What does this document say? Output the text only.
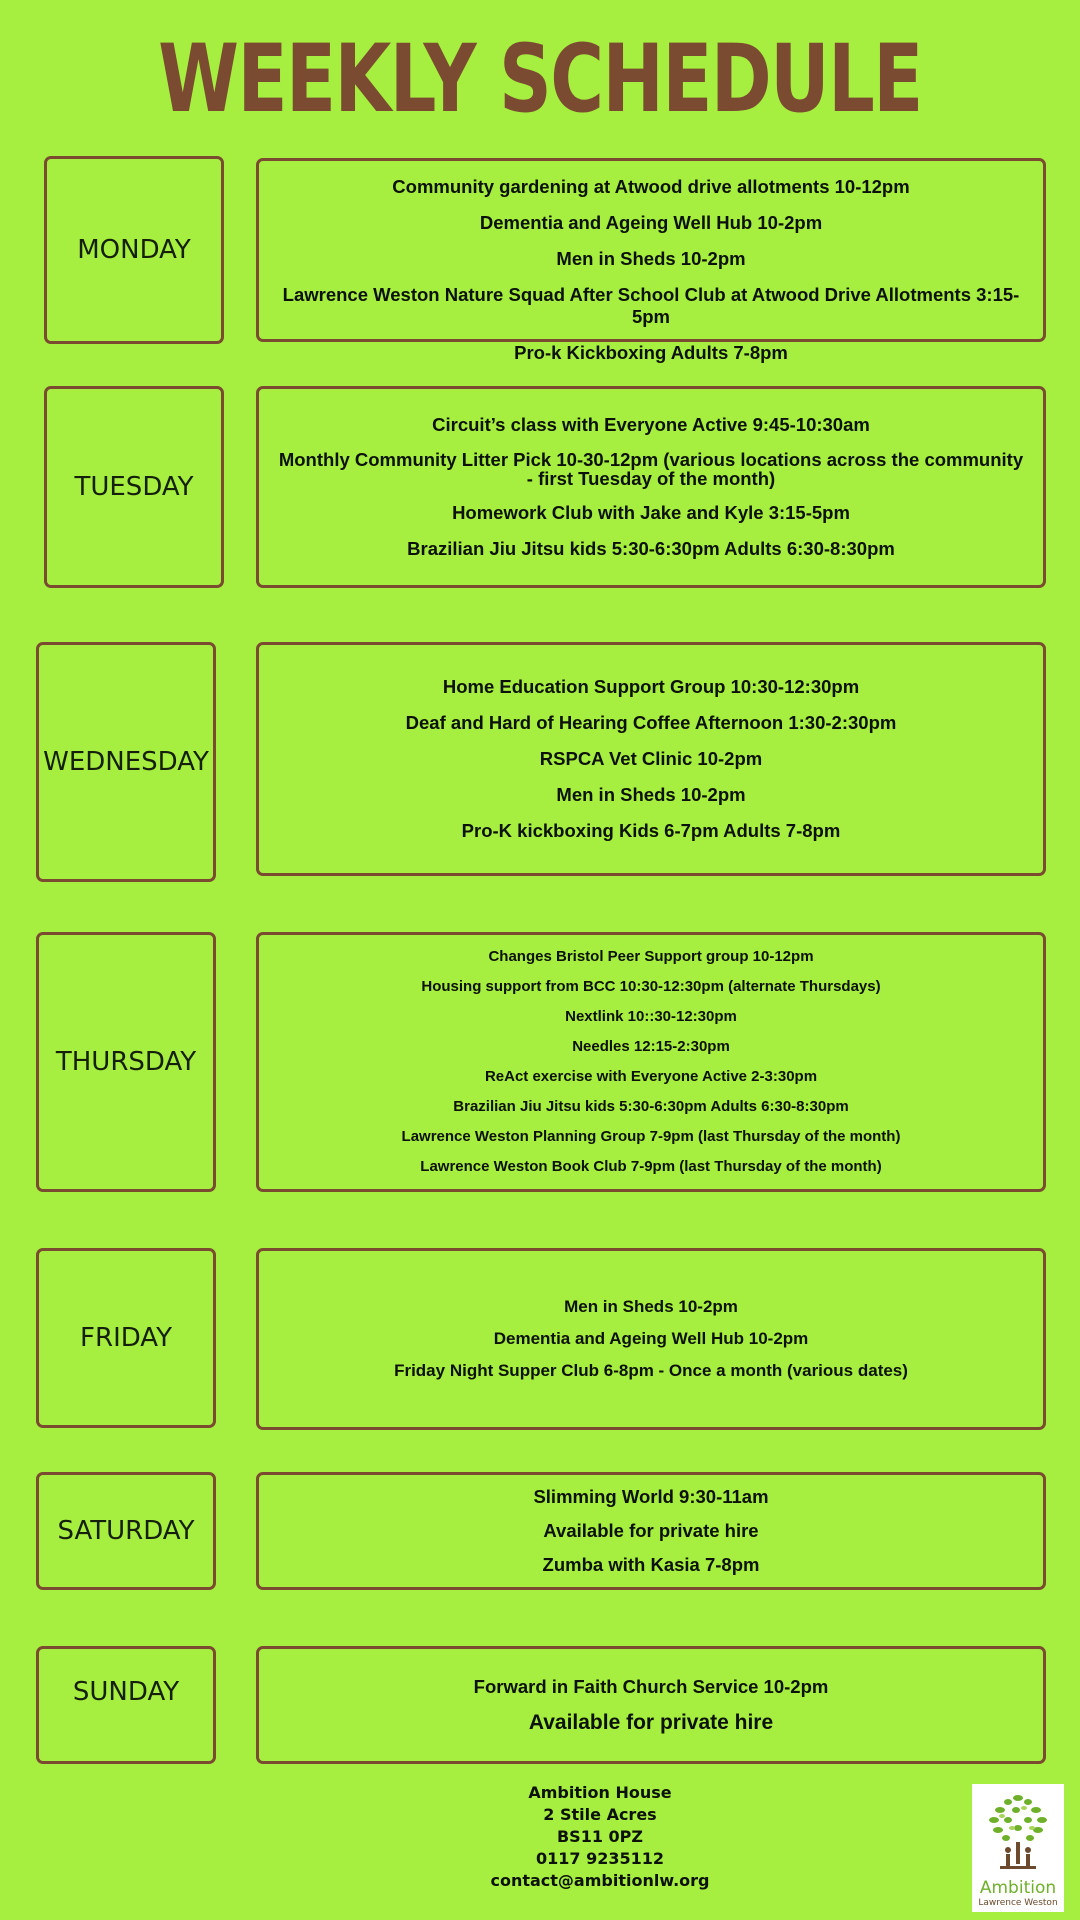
WEEKLY SCHEDULE
MONDAY
Community gardening at Atwood drive allotments 10-12pm
Dementia and Ageing Well Hub 10-2pm
Men in Sheds 10-2pm
Lawrence Weston Nature Squad After School Club at Atwood Drive Allotments 3:15-5pm
Pro-k Kickboxing Adults 7-8pm
TUESDAY
Circuit’s class with Everyone Active 9:45-10:30am
Monthly Community Litter Pick 10-30-12pm (various locations across the community - first Tuesday of the month)
Homework Club with Jake and Kyle 3:15-5pm
Brazilian Jiu Jitsu kids 5:30-6:30pm Adults 6:30-8:30pm
WEDNESDAY
Home Education Support Group 10:30-12:30pm
Deaf and Hard of Hearing Coffee Afternoon 1:30-2:30pm
RSPCA Vet Clinic 10-2pm
Men in Sheds 10-2pm
Pro-K kickboxing Kids 6-7pm Adults 7-8pm
THURSDAY
Changes Bristol Peer Support group 10-12pm
Housing support from BCC 10:30-12:30pm (alternate Thursdays)
Nextlink 10::30-12:30pm
Needles 12:15-2:30pm
ReAct exercise with Everyone Active 2-3:30pm
Brazilian Jiu Jitsu kids 5:30-6:30pm Adults 6:30-8:30pm
Lawrence Weston Planning Group 7-9pm (last Thursday of the month)
Lawrence Weston Book Club 7-9pm (last Thursday of the month)
FRIDAY
Men in Sheds 10-2pm
Dementia and Ageing Well Hub 10-2pm
Friday Night Supper Club 6-8pm - Once a month (various dates)
SATURDAY
Slimming World 9:30-11am
Available for private hire
Zumba with Kasia 7-8pm
SUNDAY	Forward in Faith Church Service 10-2pm
Available for private hire
Ambition House
2 Stile Acres
BS11 0PZ
0117 9235112
contact@ambitionlw.org	Ambition
Lawrence Weston
